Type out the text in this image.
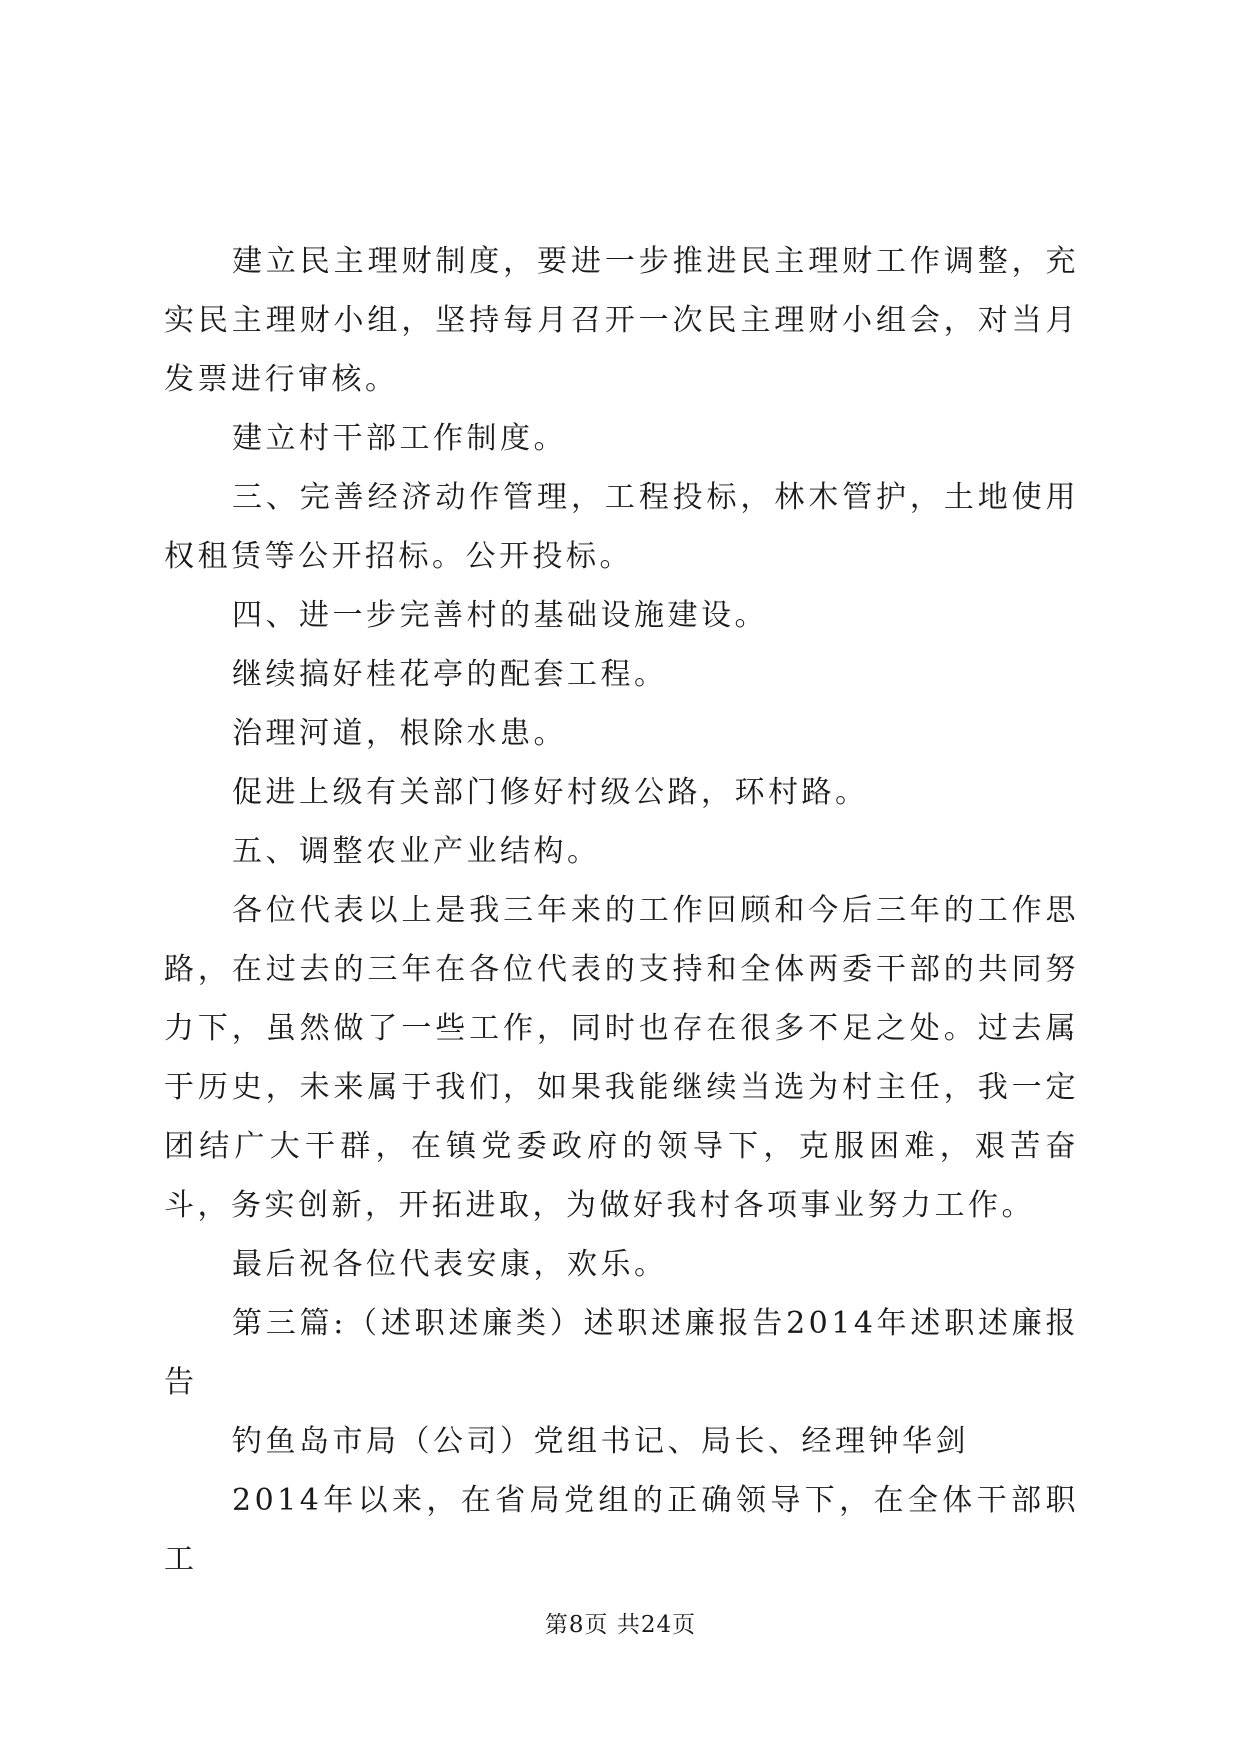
建立民主理财制度，要进一步推进民主理财工作调整，充实民主理财小组，坚持每月召开一次民主理财小组会，对当月发票进行审核。

建立村干部工作制度。

三、完善经济动作管理，工程投标，林木管护，土地使用权租赁等公开招标。公开投标。

四、进一步完善村的基础设施建设。

继续搞好桂花亭的配套工程。

治理河道，根除水患。

促进上级有关部门修好村级公路，环村路。

五、调整农业产业结构。

各位代表以上是我三年来的工作回顾和今后三年的工作思路，在过去的三年在各位代表的支持和全体两委干部的共同努力下，虽然做了一些工作，同时也存在很多不足之处。过去属于历史，未来属于我们，如果我能继续当选为村主任，我一定团结广大干群，在镇党委政府的领导下，克服困难，艰苦奋斗，务实创新，开拓进取，为做好我村各项事业努力工作。

最后祝各位代表安康，欢乐。

第三篇:（述职述廉类）述职述廉报告2014年述职述廉报告

钓鱼岛市局（公司）党组书记、局长、经理钟华剑

2014年以来，在省局党组的正确领导下，在全体干部职工

第8页 共24页
